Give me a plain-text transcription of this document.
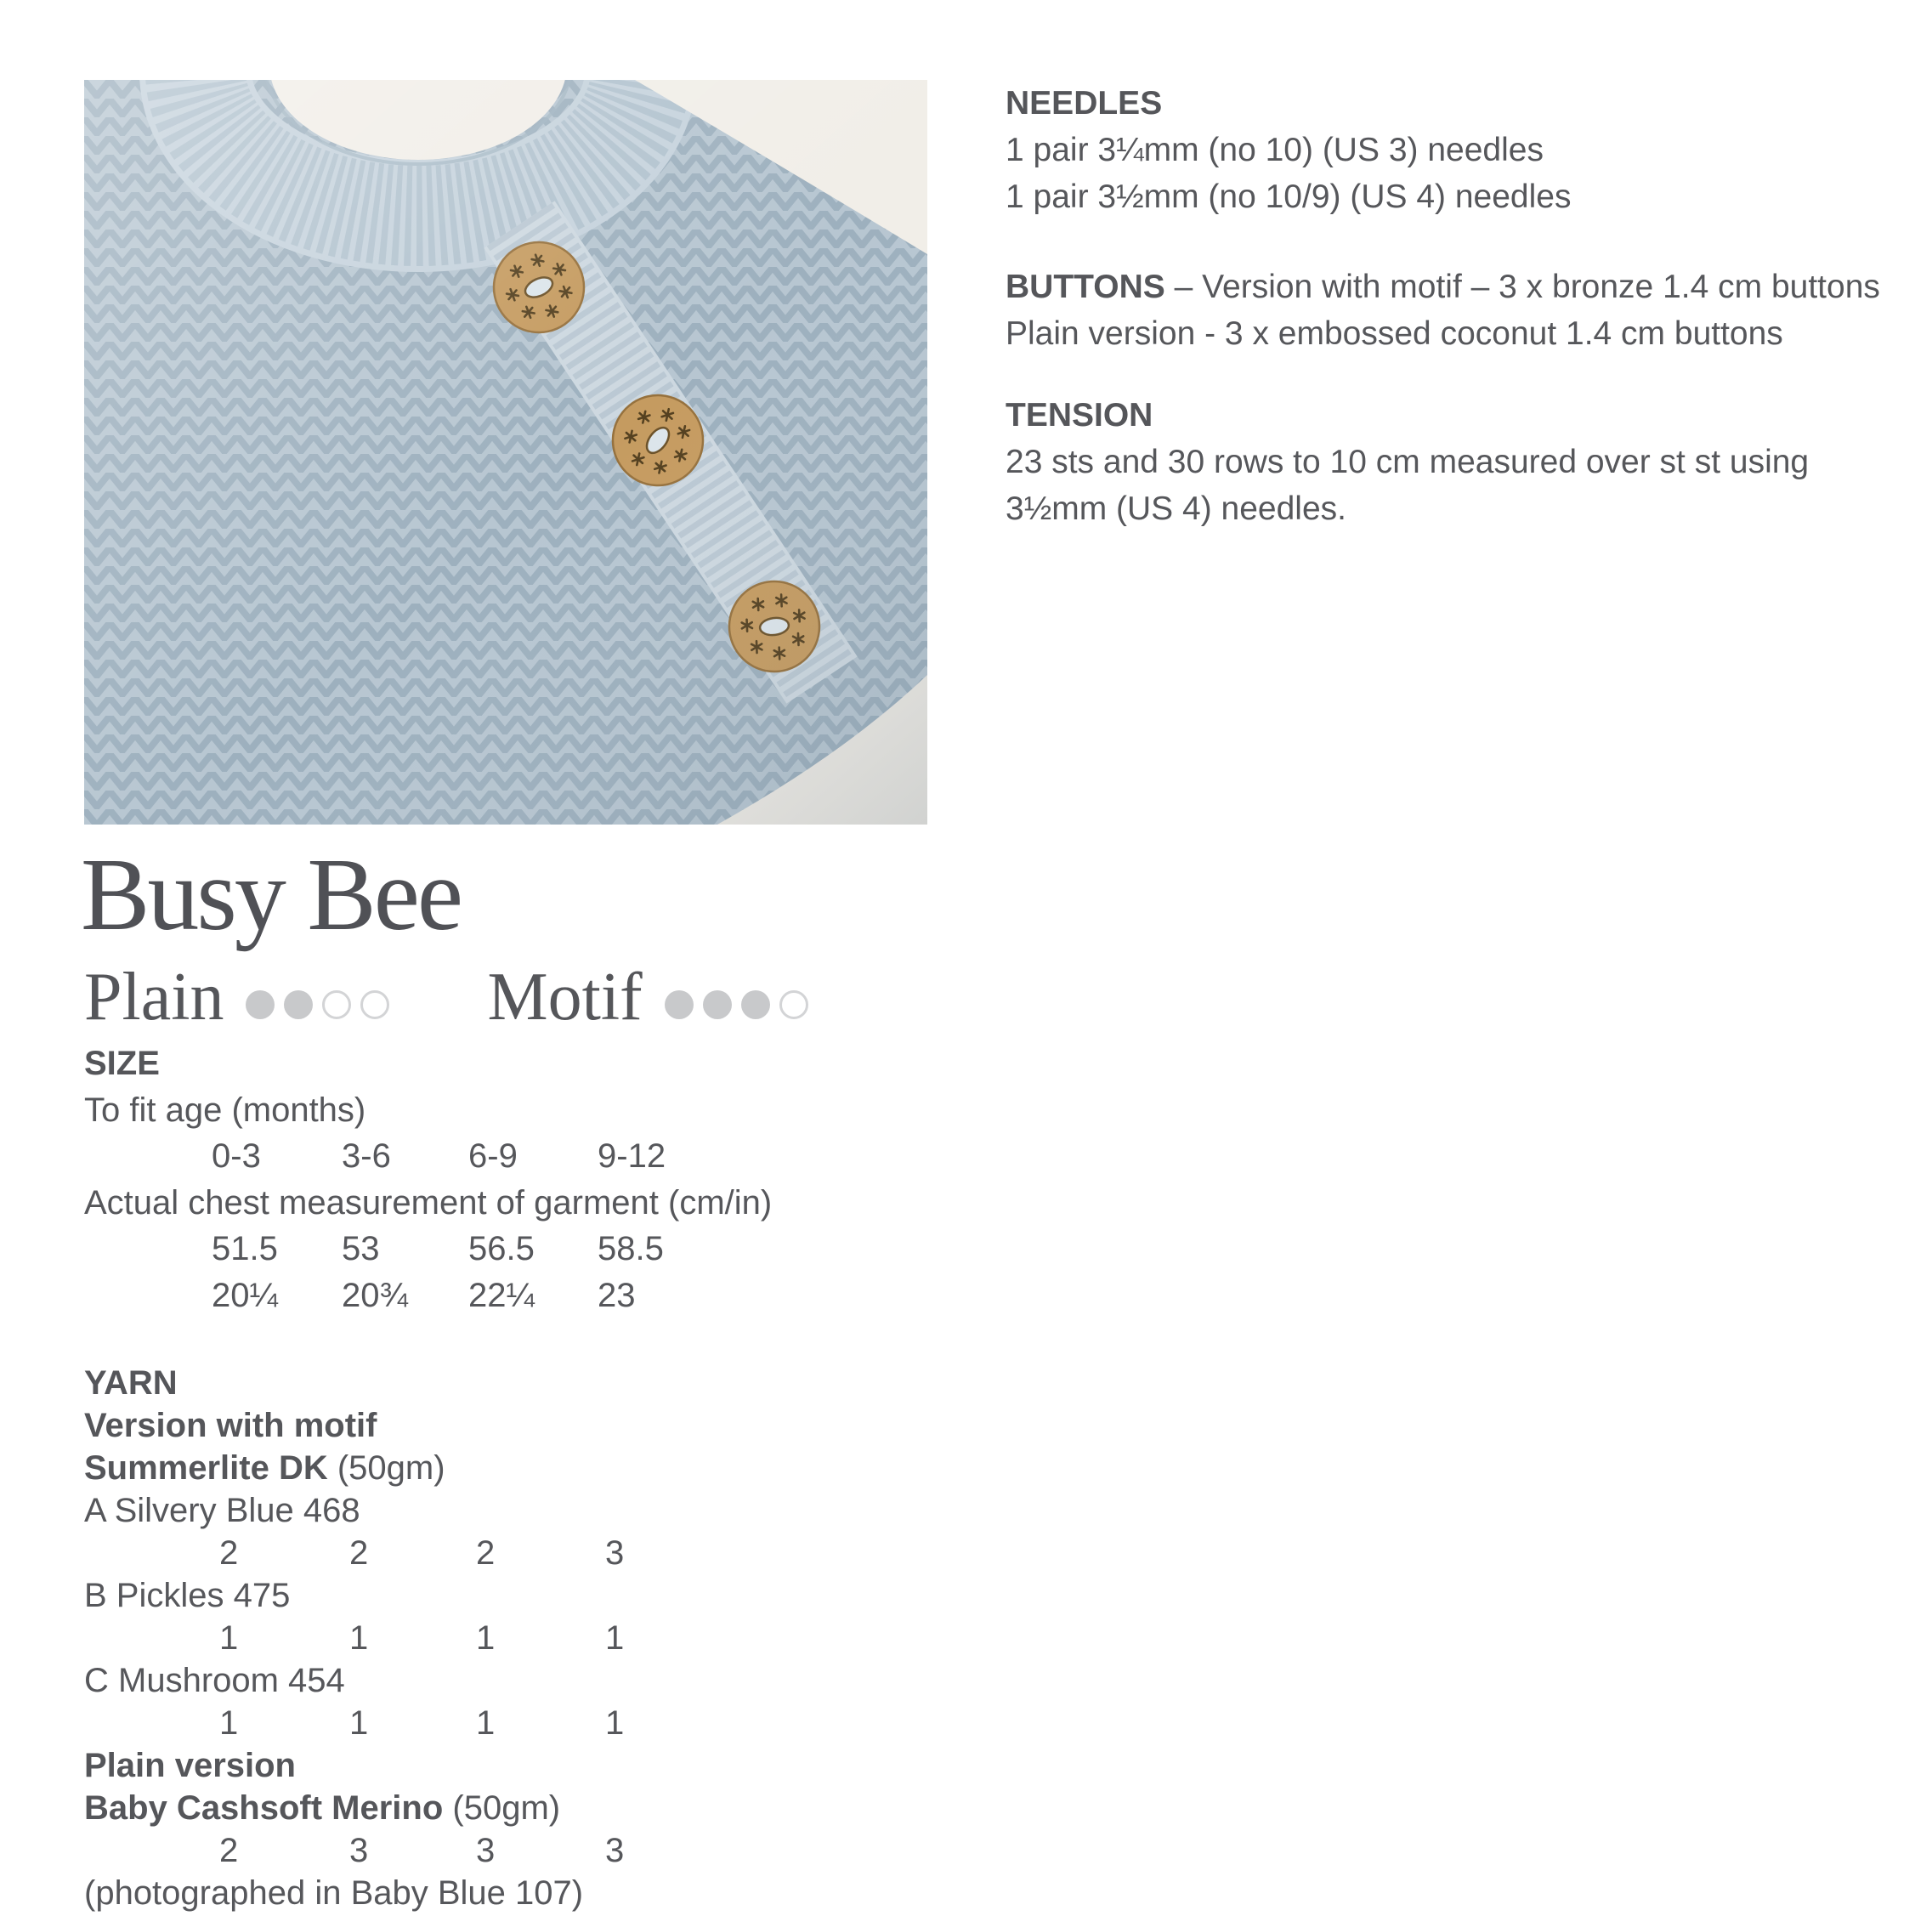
NEEDLES
1 pair 3¼mm (no 10) (US 3) needles
1 pair 3½mm (no 10/9) (US 4) needles
BUTTONS – Version with motif – 3 x bronze 1.4 cm buttons
Plain version - 3 x embossed coconut 1.4 cm buttons
TENSION
23 sts and 30 rows to 10 cm measured over st st using
3½mm (US 4) needles.
Busy Bee
Plain	Motif
SIZE
To fit age (months)
0-3	3-6	6-9	9-12
Actual chest measurement of garment (cm/in)
51.5	53	56.5	58.5
20¼	20¾	22¼	23
YARN
Version with motif
Summerlite DK (50gm)
A Silvery Blue 468
2	2	2	3
B Pickles 475
1	1	1	1
C Mushroom 454
1	1	1	1
Plain version
Baby Cashsoft Merino (50gm)
2	3	3	3
(photographed in Baby Blue 107)
